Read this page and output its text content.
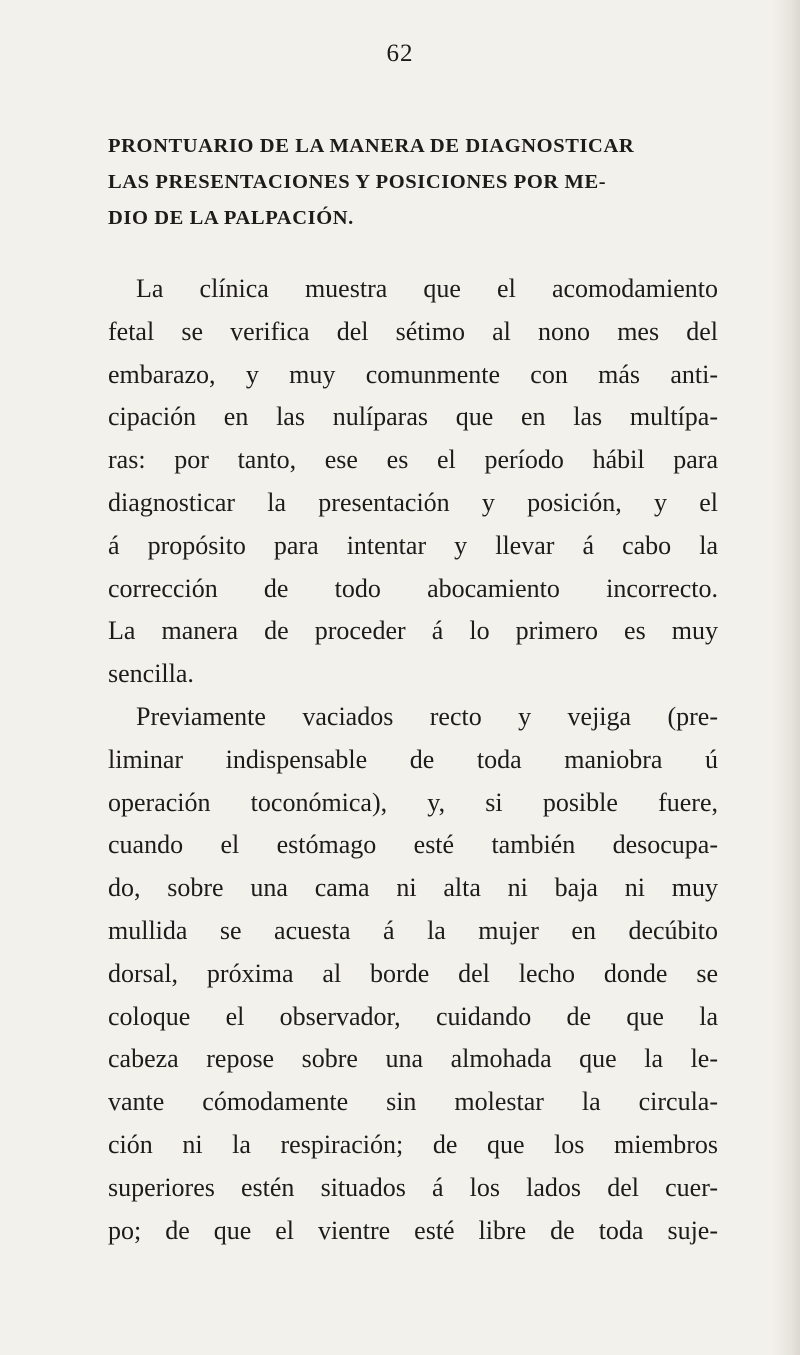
62
PRONTUARIO DE LA MANERA DE DIAGNOSTICAR
LAS PRESENTACIONES Y POSICIONES POR ME-
DIO DE LA PALPACIÓN.

La clínica muestra que el acomodamiento
fetal se verifica del sétimo al nono mes del
embarazo, y muy comunmente con más anti-
cipación en las nulíparas que en las multípa-
ras: por tanto, ese es el período hábil para
diagnosticar la presentación y posición, y el
á propósito para intentar y llevar á cabo la
corrección de todo abocamiento incorrecto.
La manera de proceder á lo primero es muy
sencilla.

Previamente vaciados recto y vejiga (pre-
liminar indispensable de toda maniobra ú
operación toconómica), y, si posible fuere,
cuando el estómago esté también desocupa-
do, sobre una cama ni alta ni baja ni muy
mullida se acuesta á la mujer en decúbito
dorsal, próxima al borde del lecho donde se
coloque el observador, cuidando de que la
cabeza repose sobre una almohada que la le-
vante cómodamente sin molestar la circula-
ción ni la respiración; de que los miembros
superiores estén situados á los lados del cuer-
po; de que el vientre esté libre de toda suje-
